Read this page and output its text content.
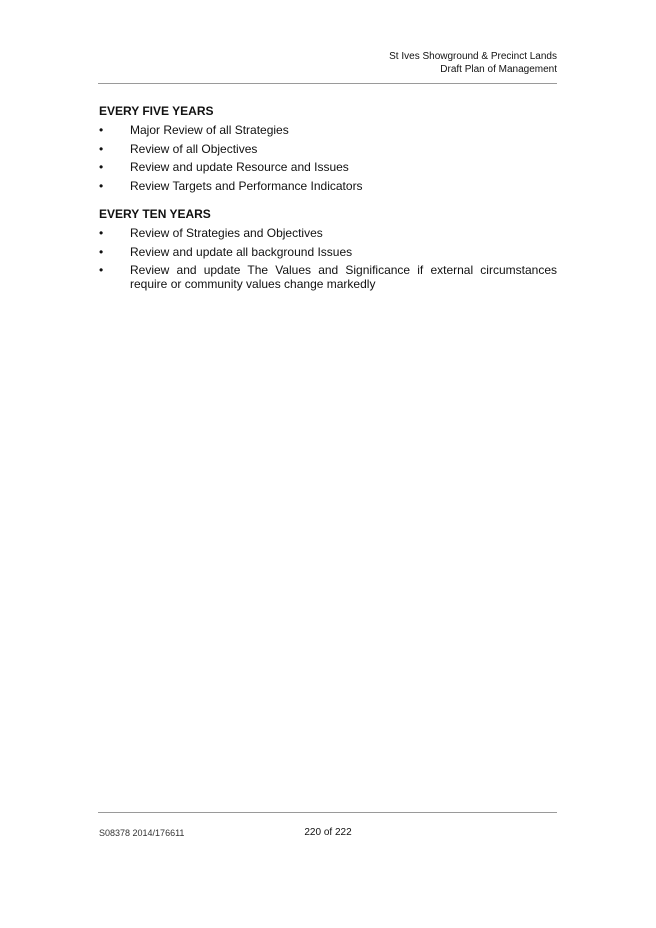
St Ives Showground & Precinct Lands
Draft Plan of Management
EVERY FIVE YEARS
•	Major Review of all Strategies
•	Review of all Objectives
•	Review and update Resource and Issues
•	Review Targets and Performance Indicators
EVERY TEN YEARS
•	Review of Strategies and Objectives
•	Review and update all background Issues
•	Review and update The Values and Significance if external circumstances require or community values change markedly
S08378 2014/176611	220 of 222
